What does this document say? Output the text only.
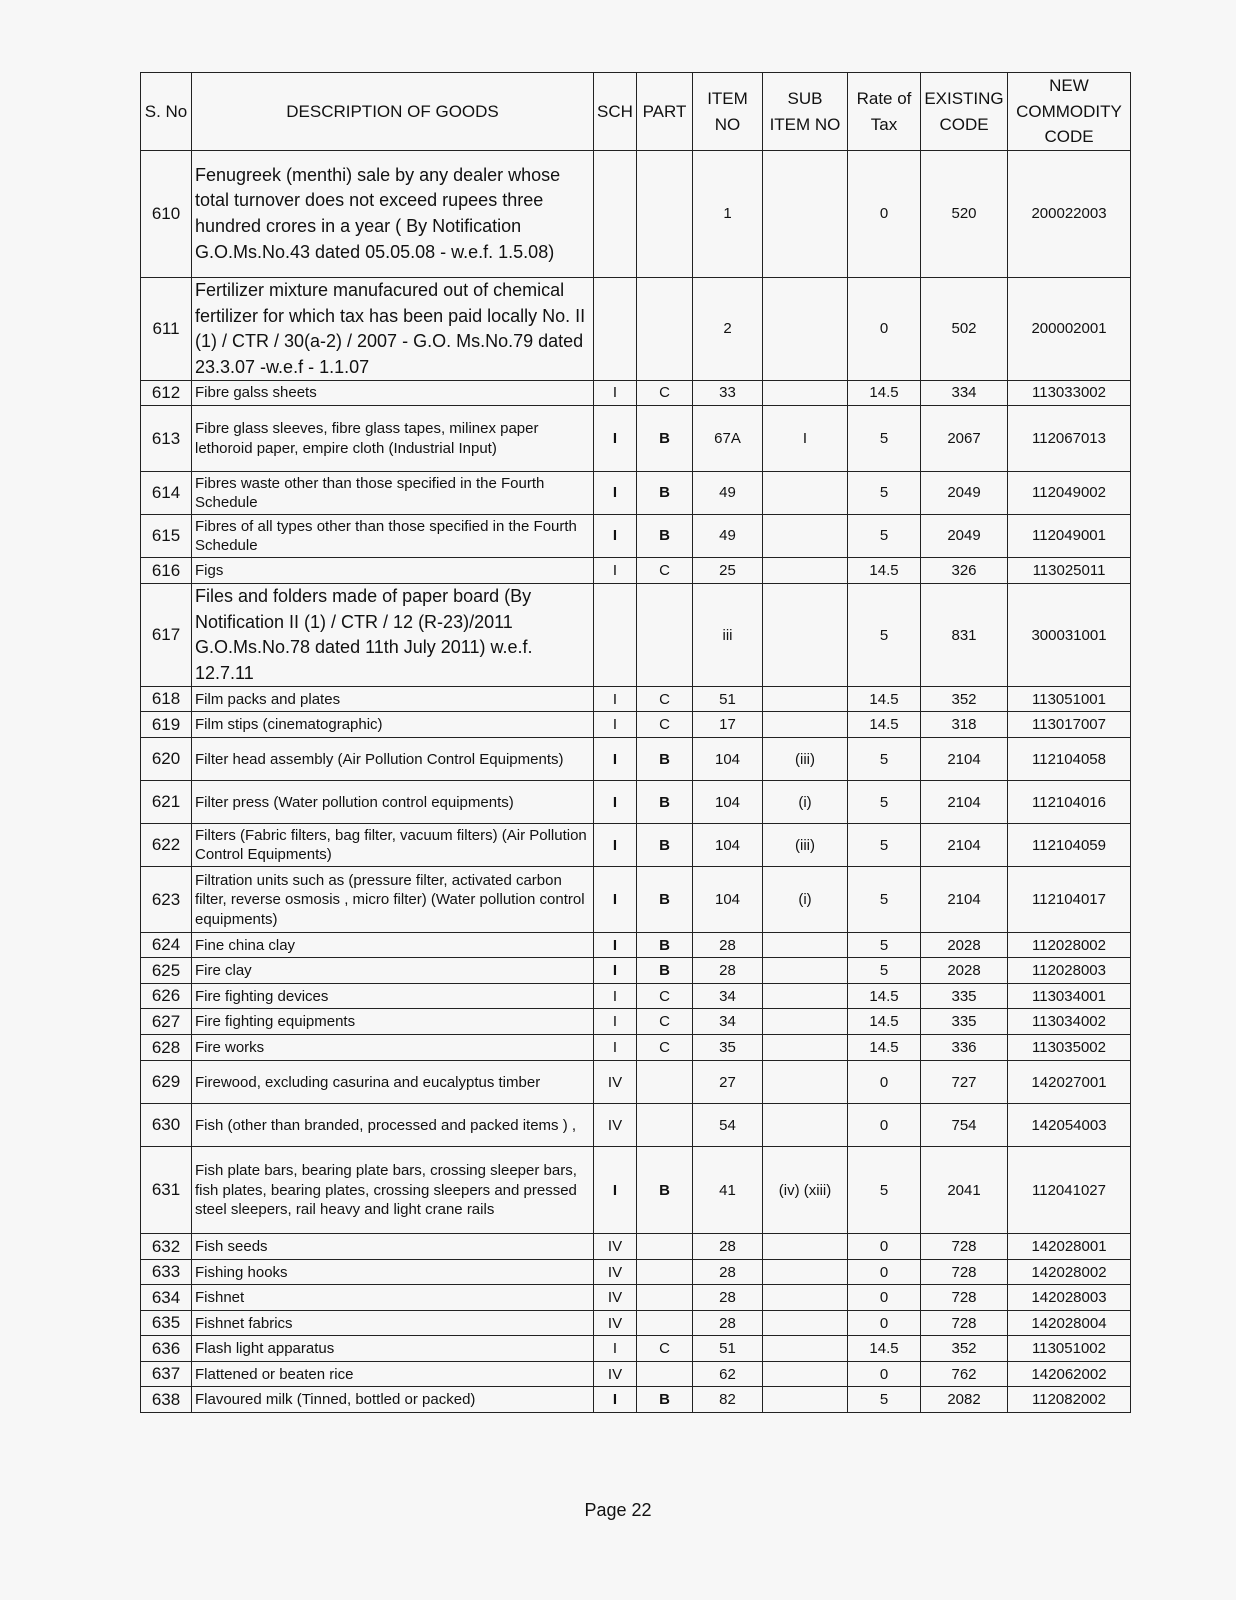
S. No	DESCRIPTION OF GOODS	SCH	PART	ITEM NO	SUB ITEM NO	Rate of Tax	EXISTING CODE	NEW COMMODITY CODE
610	Fenugreek (menthi) sale by any dealer whose total turnover does not exceed rupees three hundred crores in a year ( By Notification G.O.Ms.No.43 dated 05.05.08 - w.e.f. 1.5.08)			1		0	520	200022003
611	Fertilizer mixture manufacured out of chemical fertilizer for which tax has been paid locally No. II (1) / CTR / 30(a-2) / 2007 - G.O. Ms.No.79 dated 23.3.07 -w.e.f - 1.1.07			2		0	502	200002001
612	Fibre galss sheets	I	C	33		14.5	334	113033002
613	Fibre glass sleeves, fibre glass tapes, milinex paper lethoroid paper, empire cloth (Industrial Input)	I	B	67A	I	5	2067	112067013
614	Fibres waste other than those specified in the Fourth Schedule	I	B	49		5	2049	112049002
615	Fibres of all types other than those specified in the Fourth Schedule	I	B	49		5	2049	112049001
616	Figs	I	C	25		14.5	326	113025011
617	Files and folders made of paper board (By Notification II (1) / CTR / 12 (R-23)/2011 G.O.Ms.No.78 dated 11th July 2011) w.e.f. 12.7.11			iii		5	831	300031001
618	Film packs and plates	I	C	51		14.5	352	113051001
619	Film stips (cinematographic)	I	C	17		14.5	318	113017007
620	Filter head assembly (Air Pollution Control Equipments)	I	B	104	(iii)	5	2104	112104058
621	Filter press (Water pollution control equipments)	I	B	104	(i)	5	2104	112104016
622	Filters (Fabric filters, bag filter, vacuum filters) (Air Pollution Control Equipments)	I	B	104	(iii)	5	2104	112104059
623	Filtration units such as (pressure filter, activated carbon filter, reverse osmosis , micro filter) (Water pollution control equipments)	I	B	104	(i)	5	2104	112104017
624	Fine china clay	I	B	28		5	2028	112028002
625	Fire clay	I	B	28		5	2028	112028003
626	Fire fighting devices	I	C	34		14.5	335	113034001
627	Fire fighting equipments	I	C	34		14.5	335	113034002
628	Fire works	I	C	35		14.5	336	113035002
629	Firewood, excluding casurina and eucalyptus timber	IV		27		0	727	142027001
630	Fish (other than branded, processed and packed items ) ,	IV		54		0	754	142054003
631	Fish plate bars, bearing plate bars, crossing sleeper bars, fish plates, bearing plates, crossing sleepers and pressed steel sleepers, rail heavy and light crane rails	I	B	41	(iv) (xiii)	5	2041	112041027
632	Fish seeds	IV		28		0	728	142028001
633	Fishing hooks	IV		28		0	728	142028002
634	Fishnet	IV		28		0	728	142028003
635	Fishnet fabrics	IV		28		0	728	142028004
636	Flash light apparatus	I	C	51		14.5	352	113051002
637	Flattened or beaten rice	IV		62		0	762	142062002
638	Flavoured milk (Tinned, bottled or packed)	I	B	82		5	2082	112082002
Page 22
